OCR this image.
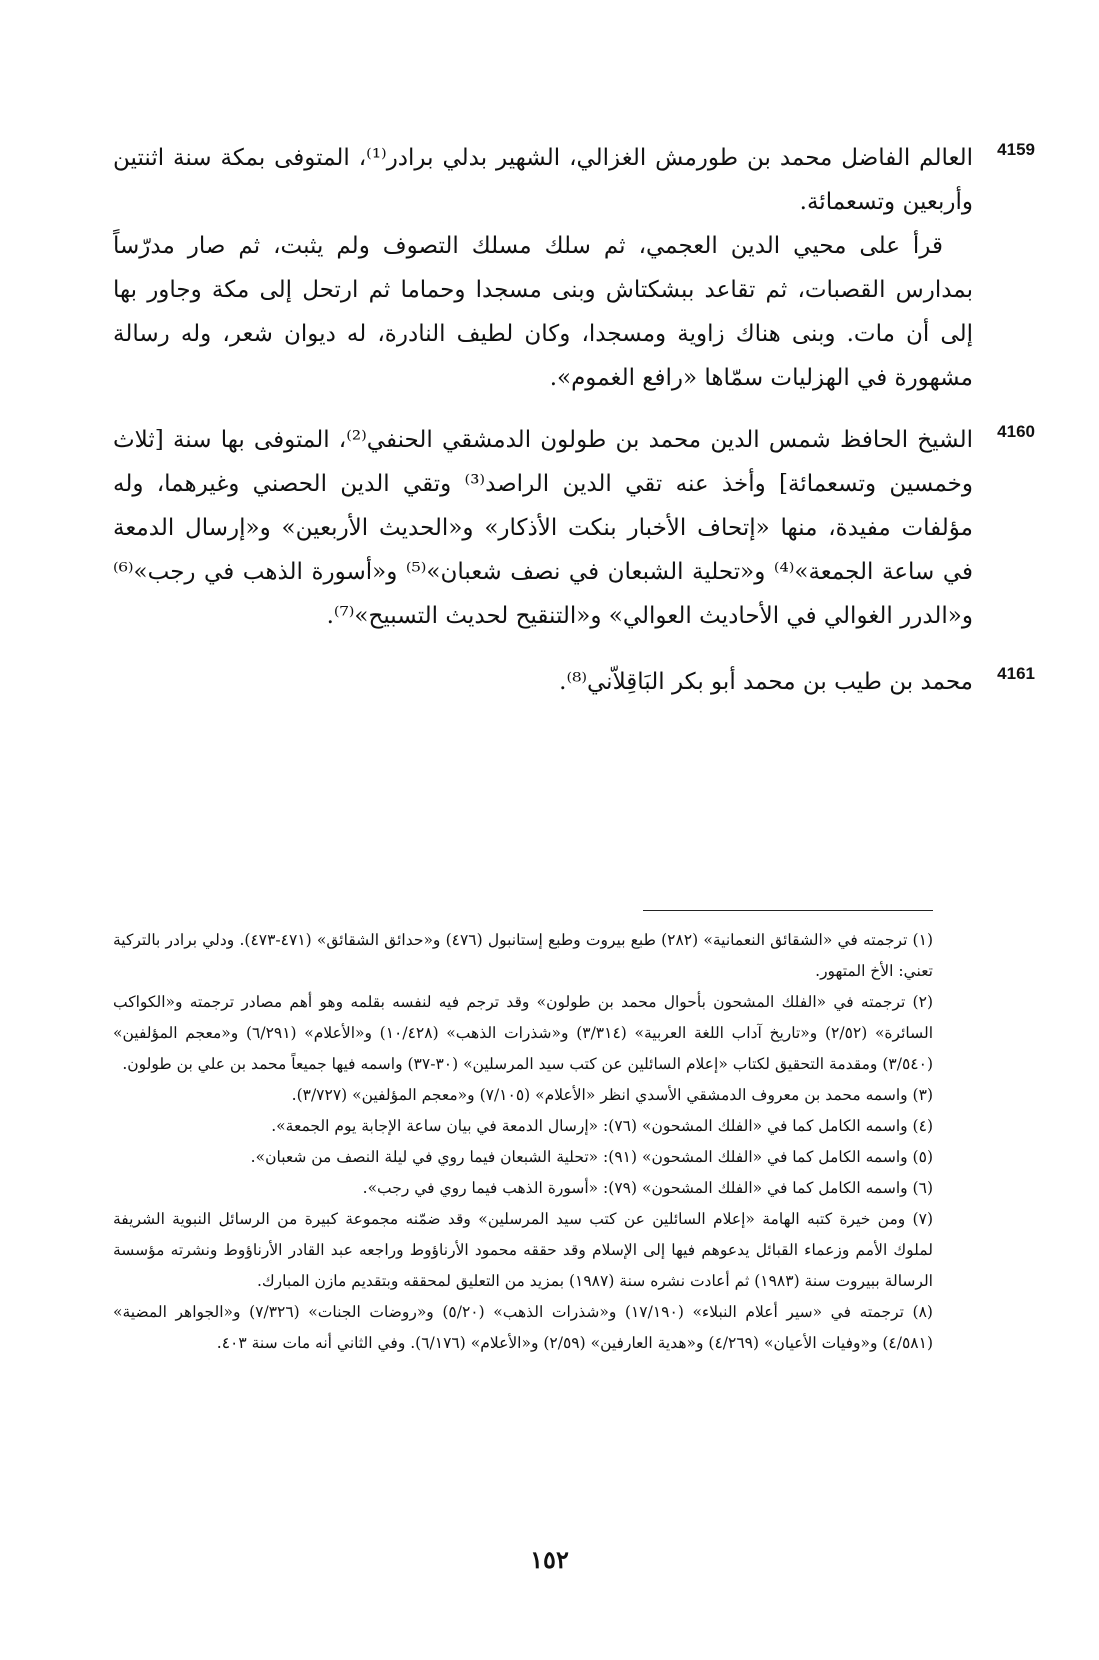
4159
العالم الفاضل محمد بن طورمش الغزالي، الشهير بدلي برادر⁽¹⁾، المتوفى بمكة سنة اثنتين وأربعين وتسعمائة.
قرأ على محيي الدين العجمي، ثم سلك مسلك التصوف ولم يثبت، ثم صار مدرّساً بمدارس القصبات، ثم تقاعد ببشكتاش وبنى مسجدا وحماما ثم ارتحل إلى مكة وجاور بها إلى أن مات. وبنى هناك زاوية ومسجدا، وكان لطيف النادرة، له ديوان شعر، وله رسالة مشهورة في الهزليات سمّاها «رافع الغموم».
4160
الشيخ الحافظ شمس الدين محمد بن طولون الدمشقي الحنفي⁽²⁾، المتوفى بها سنة [ثلاث وخمسين وتسعمائة] وأخذ عنه تقي الدين الراصد⁽³⁾ وتقي الدين الحصني وغيرهما، وله مؤلفات مفيدة، منها «إتحاف الأخبار بنكت الأذكار» و«الحديث الأربعين» و«إرسال الدمعة في ساعة الجمعة»⁽⁴⁾ و«تحلية الشبعان في نصف شعبان»⁽⁵⁾ و«أسورة الذهب في رجب»⁽⁶⁾ و«الدرر الغوالي في الأحاديث العوالي» و«التنقيح لحديث التسبيح»⁽⁷⁾.
4161
محمد بن طيب بن محمد أبو بكر البَاقِلاّني⁽⁸⁾.
(١) ترجمته في «الشقائق النعمانية» (٢٨٢) طبع بيروت وطبع إستانبول (٤٧٦) و«حدائق الشقائق» (٤٧١-٤٧٣). ودلي برادر بالتركية تعني: الأخ المتهور.
(٢) ترجمته في «الفلك المشحون بأحوال محمد بن طولون» وقد ترجم فيه لنفسه بقلمه وهو أهم مصادر ترجمته و«الكواكب السائرة» (٢/٥٢) و«تاريخ آداب اللغة العربية» (٣/٣١٤) و«شذرات الذهب» (١٠/٤٢٨) و«الأعلام» (٦/٢٩١) و«معجم المؤلفين» (٣/٥٤٠) ومقدمة التحقيق لكتاب «إعلام السائلين عن كتب سيد المرسلين» (٣٠-٣٧) واسمه فيها جميعاً محمد بن علي بن طولون.
(٣) واسمه محمد بن معروف الدمشقي الأسدي انظر «الأعلام» (٧/١٠٥) و«معجم المؤلفين» (٣/٧٢٧).
(٤) واسمه الكامل كما في «الفلك المشحون» (٧٦): «إرسال الدمعة في بيان ساعة الإجابة يوم الجمعة».
(٥) واسمه الكامل كما في «الفلك المشحون» (٩١): «تحلية الشبعان فيما روي في ليلة النصف من شعبان».
(٦) واسمه الكامل كما في «الفلك المشحون» (٧٩): «أسورة الذهب فيما روي في رجب».
(٧) ومن خيرة كتبه الهامة «إعلام السائلين عن كتب سيد المرسلين» وقد ضمّنه مجموعة كبيرة من الرسائل النبوية الشريفة لملوك الأمم وزعماء القبائل يدعوهم فيها إلى الإسلام وقد حققه محمود الأرناؤوط وراجعه عبد القادر الأرناؤوط ونشرته مؤسسة الرسالة ببيروت سنة (١٩٨٣) ثم أعادت نشره سنة (١٩٨٧) بمزيد من التعليق لمحققه وبتقديم مازن المبارك.
(٨) ترجمته في «سير أعلام النبلاء» (١٧/١٩٠) و«شذرات الذهب» (٥/٢٠) و«روضات الجنات» (٧/٣٢٦) و«الجواهر المضية» (٤/٥٨١) و«وفيات الأعيان» (٤/٢٦٩) و«هدية العارفين» (٢/٥٩) و«الأعلام» (٦/١٧٦). وفي الثاني أنه مات سنة ٤٠٣.
١٥٢
